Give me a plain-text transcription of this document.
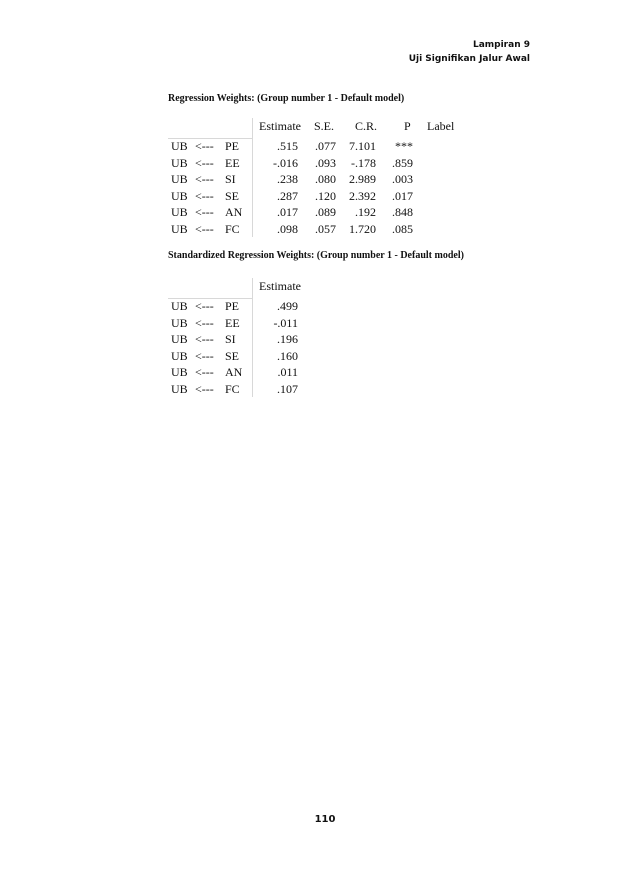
Lampiran 9
Uji Signifikan Jalur Awal
Regression Weights: (Group number 1 - Default model)
Estimate S.E. C.R. P Label
UB <--- PE	.515	.077	7.101	***
UB <--- EE	-.016	.093	-.178	.859
UB <--- SI	.238	.080	2.989	.003
UB <--- SE	.287	.120	2.392	.017
UB <--- AN	.017	.089	.192	.848
UB <--- FC	.098	.057	1.720	.085
Standardized Regression Weights: (Group number 1 - Default model)
Estimate
UB <--- PE	.499
UB <--- EE	-.011
UB <--- SI	.196
UB <--- SE	.160
UB <--- AN	.011
UB <--- FC	.107
110
